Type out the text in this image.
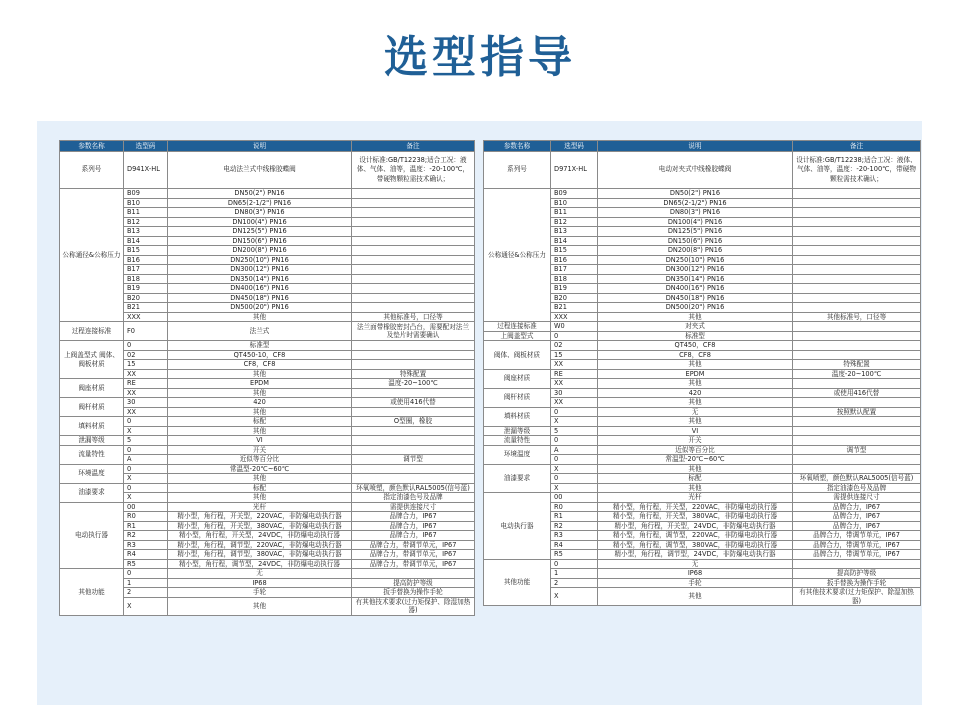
选型指导
参数名称	选型码	说明	备注
系列号	D941X-HL	电动法兰式中线橡胶蝶阀	设计标准:GB/T12238;适合工况：液体、气体、油等，温度：-20-100℃，带硬物颗粒需技术确认；
公称通径&公称压力	B09	DN50(2") PN16	
	B10	DN65(2-1/2") PN16	
	B11	DN80(3") PN16	
	B12	DN100(4") PN16	
	B13	DN125(5") PN16	
	B14	DN150(6") PN16	
	B15	DN200(8") PN16	
	B16	DN250(10") PN16	
	B17	DN300(12") PN16	
	B18	DN350(14") PN16	
	B19	DN400(16") PN16	
	B20	DN450(18") PN16	
	B21	DN500(20") PN16	
	XXX	其他	其他标准号，口径等
过程连接标准	F0	法兰式	法兰面带橡胶密封凸台，需要配对法兰及垫片时需要确认
上阀盖型式 阀体、阀板材质	0	标准型	
	02	QT450-10，CF8	
	15	CF8，CF8	
	XX	其他	特殊配置
阀座材质	RE	EPDM	温度-20~100℃
	XX	其他	
阀杆材质	30	420	或使用416代替
	XX	其他	
填料材质	0	标配	O型圈，橡胶
	X	其他	
泄漏等级	5	VI	
流量特性	0	开关	
	A	近似等百分比	调节型
环境温度	0	常温型-20℃~60℃	
	X	其他	
油漆要求	0	标配	环氧喷塑，颜色默认RAL5005(信号蓝)
	X	其他	指定油漆色号及品牌
电动执行器	00	光杆	需提供连接尺寸
	R0	精小型，角行程，开关型，220VAC，非防爆电动执行器	品牌合力，IP67
	R1	精小型，角行程，开关型，380VAC，非防爆电动执行器	品牌合力，IP67
	R2	精小型，角行程，开关型，24VDC，非防爆电动执行器	品牌合力，IP67
	R3	精小型，角行程，调节型，220VAC，非防爆电动执行器	品牌合力，带调节单元，IP67
	R4	精小型，角行程，调节型，380VAC，非防爆电动执行器	品牌合力，带调节单元，IP67
	R5	精小型，角行程，调节型，24VDC，非防爆电动执行器	品牌合力，带调节单元，IP67
其他功能	0	无	
	1	IP68	提高防护等级
	2	手轮	扳手替换为操作手轮
	X	其他	有其他技术要求(过力矩保护、除湿加热器)
参数名称	选型码	说明	备注
系列号	D971X-HL	电动对夹式中线橡胶蝶阀	设计标准:GB/T12238;适合工况：液体、气体、油等，温度：-20-100℃，带硬物颗粒需技术确认；
公称通径&公称压力	B09	DN50(2") PN16	
	B10	DN65(2-1/2") PN16	
	B11	DN80(3") PN16	
	B12	DN100(4") PN16	
	B13	DN125(5") PN16	
	B14	DN150(6") PN16	
	B15	DN200(8") PN16	
	B16	DN250(10") PN16	
	B17	DN300(12") PN16	
	B18	DN350(14") PN16	
	B19	DN400(16") PN16	
	B20	DN450(18") PN16	
	B21	DN500(20") PN16	
	XXX	其他	其他标准号，口径等
过程连接标准	W0	对夹式	
上阀盖型式	0	标准型	
阀体、阀板材质	02	QT450，CF8	
	15	CF8，CF8	
	XX	其他	特殊配置
阀座材质	RE	EPDM	温度-20~100℃
	XX	其他	
阀杆材质	30	420	或使用416代替
	XX	其他	
填料材质	0	无	按照默认配置
	X	其他	
泄漏等级	5	VI	
流量特性	0	开关	
环境温度	A	近似等百分比	调节型
	0	常温型-20℃~60℃	
油漆要求	X	其他	
	0	标配	环氧喷塑，颜色默认RAL5005(信号蓝)
	X	其他	指定油漆色号及品牌
电动执行器	00	光杆	需提供连接尺寸
	R0	精小型，角行程，开关型，220VAC，非防爆电动执行器	品牌合力，IP67
	R1	精小型，角行程，开关型，380VAC，非防爆电动执行器	品牌合力，IP67
	R2	精小型，角行程，开关型，24VDC，非防爆电动执行器	品牌合力，IP67
	R3	精小型，角行程，调节型，220VAC，非防爆电动执行器	品牌合力，带调节单元，IP67
	R4	精小型，角行程，调节型，380VAC，非防爆电动执行器	品牌合力，带调节单元，IP67
	R5	精小型，角行程，调节型，24VDC，非防爆电动执行器	品牌合力，带调节单元，IP67
其他功能	0	无	
	1	IP68	提高防护等级
	2	手轮	扳手替换为操作手轮
	X	其他	有其他技术要求(过力矩保护、除湿加热器)
